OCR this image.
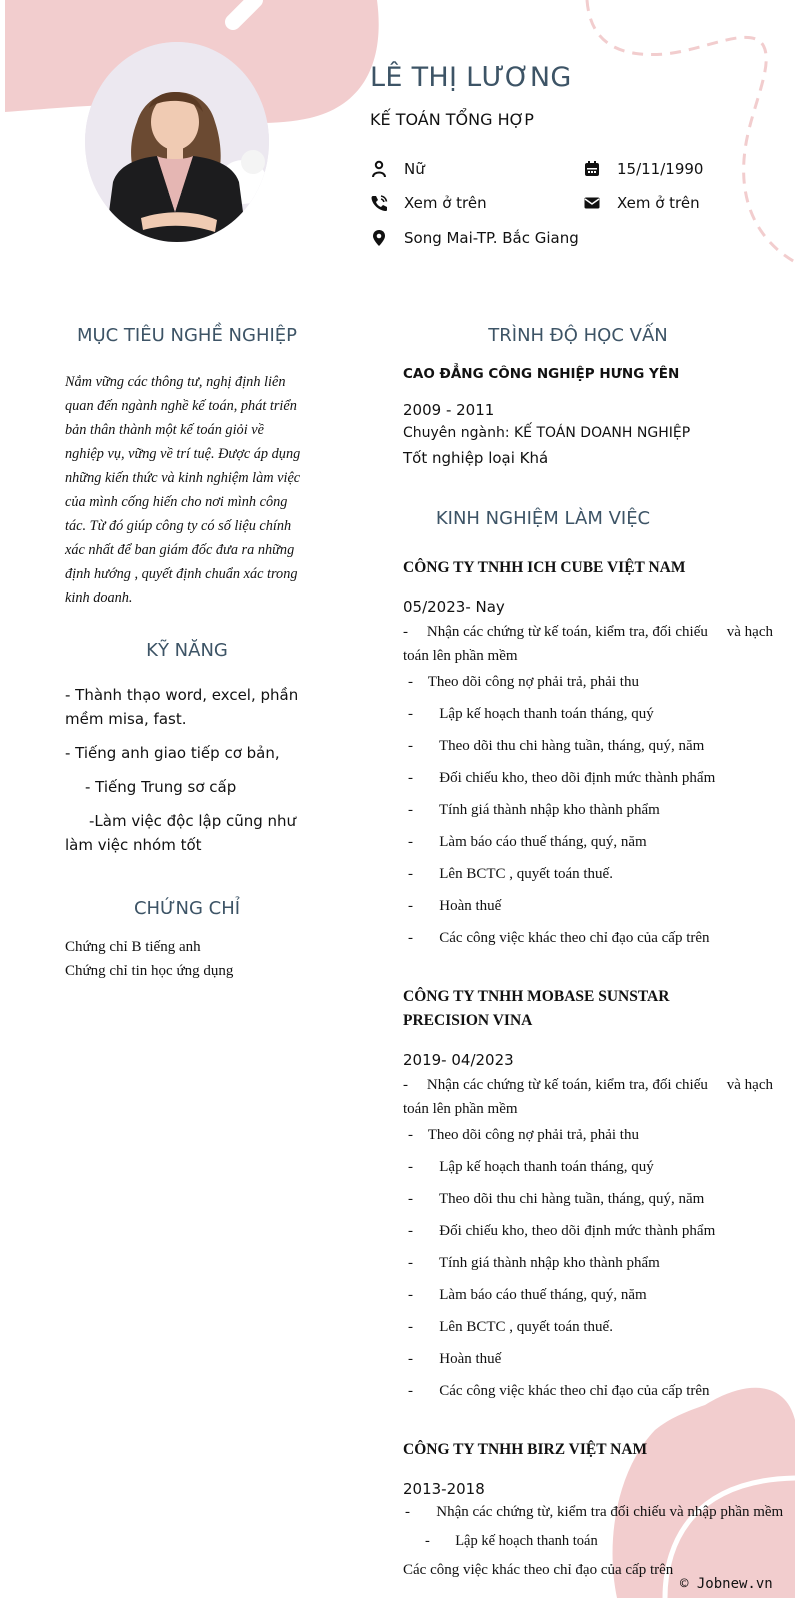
LÊ THỊ LƯƠNG
KẾ TOÁN TỔNG HỢP
Nữ	15/11/1990
Xem ở trên	Xem ở trên
Song Mai-TP. Bắc Giang
MỤC TIÊU NGHỀ NGHIỆP
Nắm vững các thông tư, nghị định liên
quan đến ngành nghề kế toán, phát triển
bản thân thành một kế toán giỏi về
nghiệp vụ, vững về trí tuệ. Được áp dụng
những kiến thức và kinh nghiệm làm việc
của mình cống hiến cho nơi mình công
tác. Từ đó giúp công ty có số liệu chính
xác nhất để ban giám đốc đưa ra những
định hướng , quyết định chuẩn xác trong
kinh doanh.
KỸ NĂNG
- Thành thạo word, excel, phần mềm misa, fast.
- Tiếng anh giao tiếp cơ bản,
- Tiếng Trung sơ cấp
-Làm việc độc lập cũng như làm việc nhóm tốt
CHỨNG CHỈ
Chứng chỉ B tiếng anh
Chứng chỉ tin học ứng dụng
TRÌNH ĐỘ HỌC VẤN
CAO ĐẲNG CÔNG NGHIỆP HƯNG YÊN
2009 - 2011
Chuyên ngành: KẾ TOÁN DOANH NGHIỆP
Tốt nghiệp loại Khá
KINH NGHIỆM LÀM VIỆC
CÔNG TY TNHH ICH CUBE VIỆT NAM
05/2023- Nay
-     Nhận các chứng từ kế toán, kiểm tra, đối chiếu     và hạch toán lên phần mềm
-    Theo dõi công nợ phải trả, phải thu
-       Lập kế hoạch thanh toán tháng, quý
-       Theo dõi thu chi hàng tuần, tháng, quý, năm
-       Đối chiếu kho, theo dõi định mức thành phẩm
-       Tính giá thành nhập kho thành phẩm
-       Làm báo cáo thuế tháng, quý, năm
-       Lên BCTC , quyết toán thuế.
-       Hoàn thuế
-       Các công việc khác theo chỉ đạo của cấp trên
CÔNG TY TNHH MOBASE SUNSTAR PRECISION VINA
2019- 04/2023
-     Nhận các chứng từ kế toán, kiểm tra, đối chiếu     và hạch toán lên phần mềm
-    Theo dõi công nợ phải trả, phải thu
-       Lập kế hoạch thanh toán tháng, quý
-       Theo dõi thu chi hàng tuần, tháng, quý, năm
-       Đối chiếu kho, theo dõi định mức thành phẩm
-       Tính giá thành nhập kho thành phẩm
-       Làm báo cáo thuế tháng, quý, năm
-       Lên BCTC , quyết toán thuế.
-       Hoàn thuế
-       Các công việc khác theo chỉ đạo của cấp trên
CÔNG TY TNHH BIRZ VIỆT NAM
2013-2018
-       Nhận các chứng từ, kiểm tra đối chiếu và nhập phần mềm
-       Lập kế hoạch thanh toán
Các công việc khác theo chỉ đạo của cấp trên
© Jobnew.vn
